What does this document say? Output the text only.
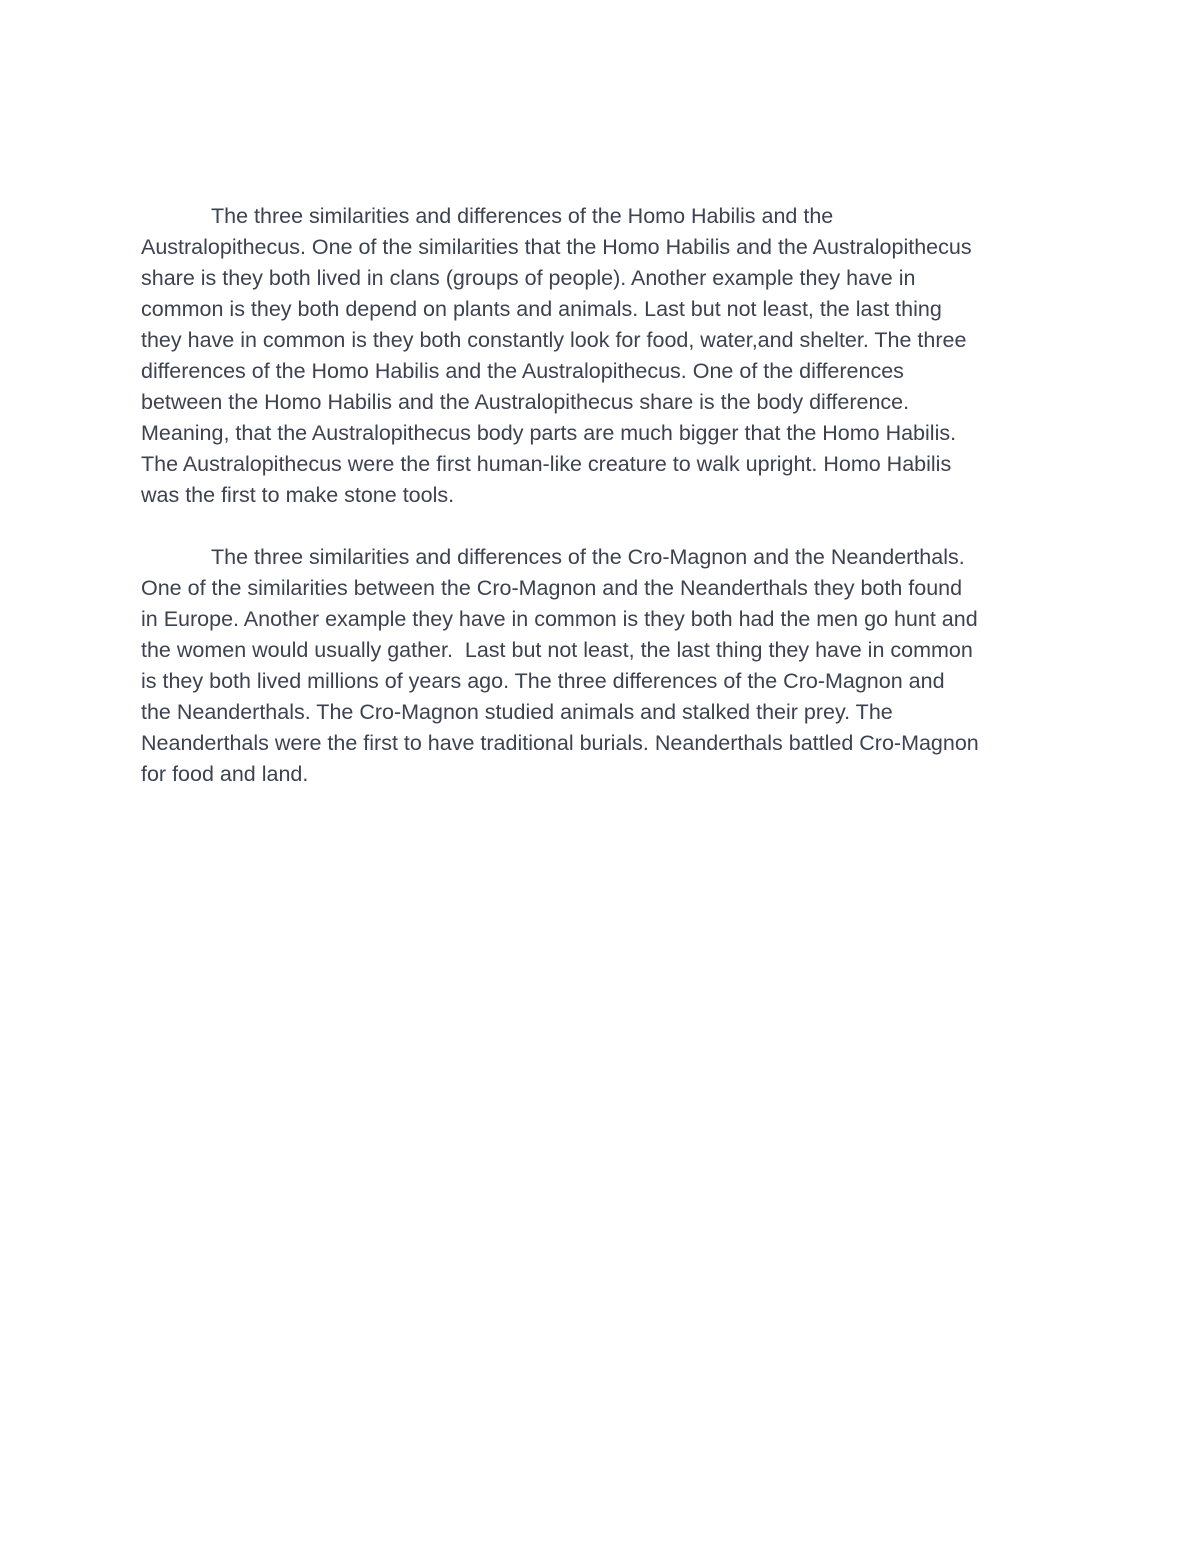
The three similarities and differences of the Homo Habilis and the
Australopithecus. One of the similarities that the Homo Habilis and the Australopithecus
share is they both lived in clans (groups of people). Another example they have in
common is they both depend on plants and animals. Last but not least, the last thing
they have in common is they both constantly look for food, water,and shelter. The three
differences of the Homo Habilis and the Australopithecus. One of the differences
between the Homo Habilis and the Australopithecus share is the body difference.
Meaning, that the Australopithecus body parts are much bigger that the Homo Habilis.
The Australopithecus were the first human-like creature to walk upright. Homo Habilis
was the first to make stone tools.
The three similarities and differences of the Cro-Magnon and the Neanderthals.
One of the similarities between the Cro-Magnon and the Neanderthals they both found
in Europe. Another example they have in common is they both had the men go hunt and
the women would usually gather.  Last but not least, the last thing they have in common
is they both lived millions of years ago. The three differences of the Cro-Magnon and
the Neanderthals. The Cro-Magnon studied animals and stalked their prey. The
Neanderthals were the first to have traditional burials. Neanderthals battled Cro-Magnon
for food and land.
